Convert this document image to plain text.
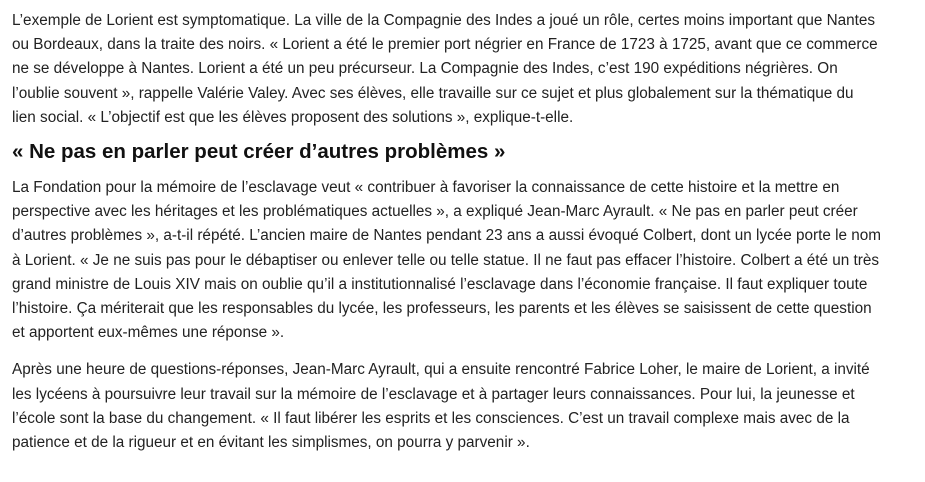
L’exemple de Lorient est symptomatique. La ville de la Compagnie des Indes a joué un rôle, certes moins important que Nantes
ou Bordeaux, dans la traite des noirs. « Lorient a été le premier port négrier en France de 1723 à 1725, avant que ce commerce
ne se développe à Nantes. Lorient a été un peu précurseur. La Compagnie des Indes, c’est 190 expéditions négrières. On
l’oublie souvent », rappelle Valérie Valey. Avec ses élèves, elle travaille sur ce sujet et plus globalement sur la thématique du
lien social. « L’objectif est que les élèves proposent des solutions », explique-t-elle.

« Ne pas en parler peut créer d’autres problèmes »

La Fondation pour la mémoire de l’esclavage veut « contribuer à favoriser la connaissance de cette histoire et la mettre en
perspective avec les héritages et les problématiques actuelles », a expliqué Jean-Marc Ayrault. « Ne pas en parler peut créer
d’autres problèmes », a-t-il répété. L’ancien maire de Nantes pendant 23 ans a aussi évoqué Colbert, dont un lycée porte le nom
à Lorient. « Je ne suis pas pour le débaptiser ou enlever telle ou telle statue. Il ne faut pas effacer l’histoire. Colbert a été un très
grand ministre de Louis XIV mais on oublie qu’il a institutionnalisé l’esclavage dans l’économie française. Il faut expliquer toute
l’histoire. Ça mériterait que les responsables du lycée, les professeurs, les parents et les élèves se saisissent de cette question
et apportent eux-mêmes une réponse ».

Après une heure de questions-réponses, Jean-Marc Ayrault, qui a ensuite rencontré Fabrice Loher, le maire de Lorient, a invité
les lycéens à poursuivre leur travail sur la mémoire de l’esclavage et à partager leurs connaissances. Pour lui, la jeunesse et
l’école sont la base du changement. « Il faut libérer les esprits et les consciences. C’est un travail complexe mais avec de la
patience et de la rigueur et en évitant les simplismes, on pourra y parvenir ».
